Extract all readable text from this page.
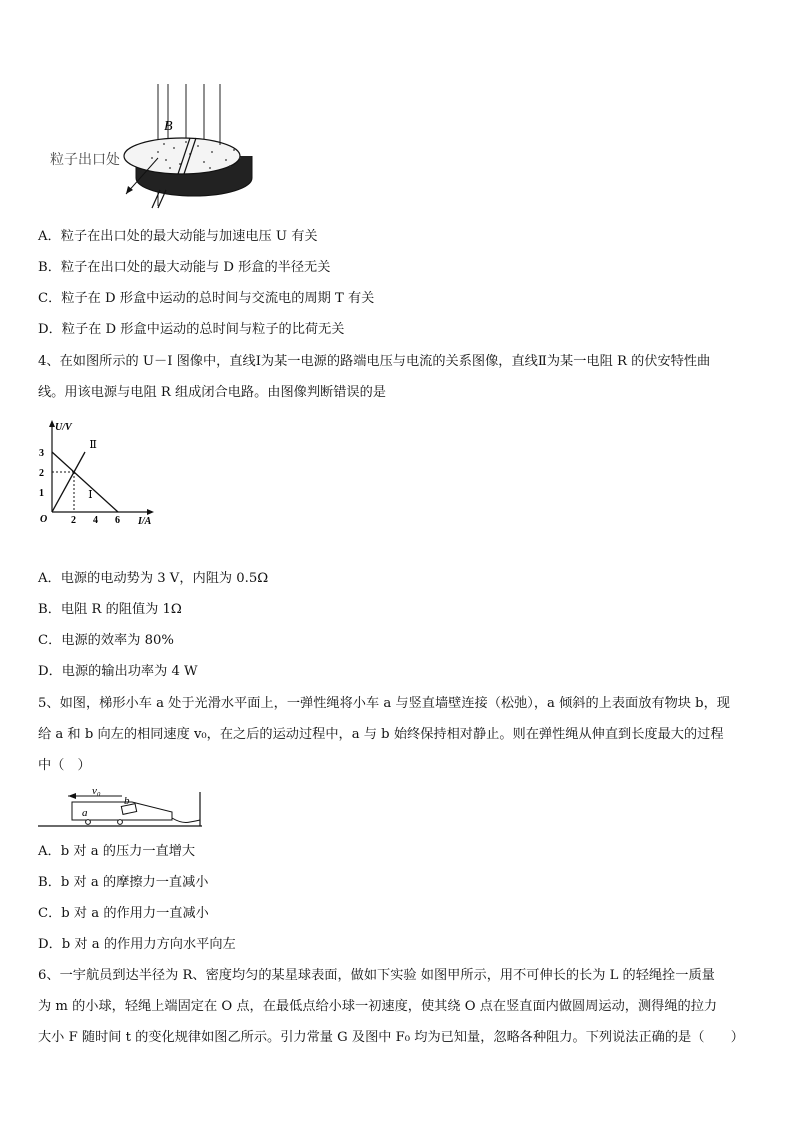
B
粒子出口处
A．粒子在出口处的最大动能与加速电压 U 有关
B．粒子在出口处的最大动能与 D 形盒的半径无关
C．粒子在 D 形盒中运动的总时间与交流电的周期 T 有关
D．粒子在 D 形盒中运动的总时间与粒子的比荷无关
4、在如图所示的 U－I 图像中，直线Ⅰ为某一电源的路端电压与电流的关系图像，直线Ⅱ为某一电阻 R 的伏安特性曲
线。用该电源与电阻 R 组成闭合电路。由图像判断错误的是
U/V
I/A
O
3
2
1
2 4 6
Ⅰ
Ⅱ
A．电源的电动势为 3 V，内阻为 0.5Ω
B．电阻 R 的阻值为 1Ω
C．电源的效率为 80%
D．电源的输出功率为 4 W
5、如图，梯形小车 a 处于光滑水平面上，一弹性绳将小车 a 与竖直墙壁连接（松弛），a 倾斜的上表面放有物块 b，现
给 a 和 b 向左的相同速度 v₀，在之后的运动过程中，a 与 b 始终保持相对静止。则在弹性绳从伸直到长度最大的过程
中（　）
v₀
b
a
A．b 对 a 的压力一直增大
B．b 对 a 的摩擦力一直减小
C．b 对 a 的作用力一直减小
D．b 对 a 的作用力方向水平向左
6、一宇航员到达半径为 R、密度均匀的某星球表面，做如下实验 如图甲所示，用不可伸长的长为 L 的轻绳拴一质量
为 m 的小球，轻绳上端固定在 O 点，在最低点给小球一初速度，使其绕 O 点在竖直面内做圆周运动，测得绳的拉力
大小 F 随时间 t 的变化规律如图乙所示。引力常量 G 及图中 F₀ 均为已知量，忽略各种阻力。下列说法正确的是（　　）
